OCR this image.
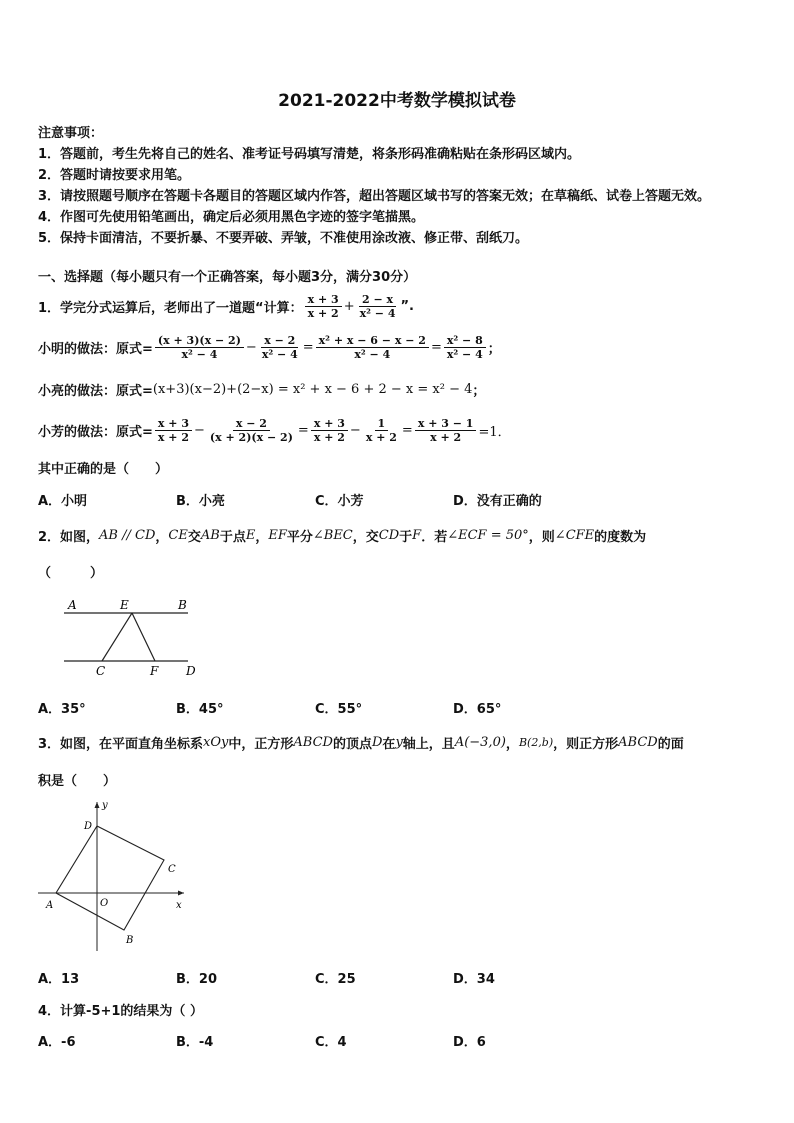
2021-2022中考数学模拟试卷
注意事项：
1．答题前，考生先将自己的姓名、准考证号码填写清楚，将条形码准确粘贴在条形码区域内。
2．答题时请按要求用笔。
3．请按照题号顺序在答题卡各题目的答题区域内作答，超出答题区域书写的答案无效；在草稿纸、试卷上答题无效。
4．作图可先使用铅笔画出，确定后必须用黑色字迹的签字笔描黑。
5．保持卡面清洁，不要折暴、不要弄破、弄皱，不准使用涂改液、修正带、刮纸刀。
一、选择题（每小题只有一个正确答案，每小题3分，满分30分）
1．学完分式运算后，老师出了一道题“计算： $\frac{x + 3}{x + 2} + \frac{2 - x}{\text{x² − 4}}$ ”.
小明的做法：原式= $\frac{(x + 3)(x - 2)}{\text{x² − 4}} - \frac{x - 2}{\text{x² − 4}} = \frac{\text{x² + x − 6 − x − 2}}{\text{x² − 4}} = \frac{\text{x² − 8}}{\text{x² − 4}}$ ；
小亮的做法：原式= (x+3)(x−2)+(2−x) = x² + x − 6 + 2 − x = x² − 4 ；
小芳的做法：原式= $\frac{x + 3}{x + 2} - \frac{x - 2}{(x + 2)(x - 2)} = \frac{x + 3}{x + 2} - \frac{1}{x + 2} = \frac{x + 3 - 1}{x + 2} =1$．
其中正确的是（　　）
A．小明	B．小亮	C．小芳	D．没有正确的
2．如图， AB // CD ， CE 交 AB 于点 E ， EF 平分 ∠BEC ，交 CD 于 F ．若 ∠ECF = 50° ，则 ∠CFE 的度数为
（　　　）
A	E	B
C	F D
A．35°	B．45°	C．55°	D．65°
3．如图，在平面直角坐标系 xOy 中，正方形 ABCD 的顶点 D 在 y 轴上，且 A(−3,0) ， B(2,b) ，则正方形 ABCD 的面
积是（　　）
y
D
C
A	O	x
B
A．13	B．20	C．25	D．34
4．计算-5+1的结果为（ ）
A．-6	B．-4	C．4	D．6
